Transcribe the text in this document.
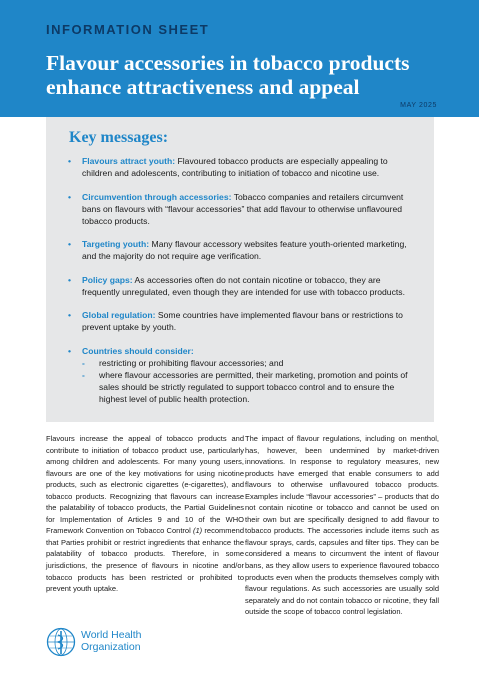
INFORMATION SHEET
Flavour accessories in tobacco products enhance attractiveness and appeal
MAY 2025
Key messages:
• Flavours attract youth: Flavoured tobacco products are especially appealing to children and adolescents, contributing to initiation of tobacco and nicotine use.
• Circumvention through accessories: Tobacco companies and retailers circumvent bans on flavours with “flavour accessories” that add flavour to otherwise unflavoured tobacco products.
• Targeting youth: Many flavour accessory websites feature youth-oriented marketing, and the majority do not require age verification.
• Policy gaps: As accessories often do not contain nicotine or tobacco, they are frequently unregulated, even though they are intended for use with tobacco products.
• Global regulation: Some countries have implemented flavour bans or restrictions to prevent uptake by youth.
• Countries should consider:
- restricting or prohibiting flavour accessories; and
- where flavour accessories are permitted, their marketing, promotion and points of sales should be strictly regulated to support tobacco control and to ensure the highest level of public health protection.
Flavours increase the appeal of tobacco products and contribute to initiation of tobacco product use, particularly among children and adolescents. For many young users, flavours are one of the key motivations for using nicotine products, such as electronic cigarettes (e-cigarettes), and tobacco products. Recognizing that flavours can increase the palatability of tobacco products, the Partial Guidelines for Implementation of Articles 9 and 10 of the WHO Framework Convention on Tobacco Control (1) recommend that Parties prohibit or restrict ingredients that enhance the palatability of tobacco products. Therefore, in some jurisdictions, the presence of flavours in nicotine and/or tobacco products has been restricted or prohibited to prevent youth uptake.
The impact of flavour regulations, including on menthol, has, however, been undermined by market-driven innovations. In response to regulatory measures, new products have emerged that enable consumers to add flavours to otherwise unflavoured tobacco products. Examples include “flavour accessories” – products that do not contain nicotine or tobacco and cannot be used on their own but are specifically designed to add flavour to tobacco products. The accessories include items such as flavour sprays, cards, capsules and filter tips. They can be considered a means to circumvent the intent of flavour bans, as they allow users to experience flavoured tobacco products even when the products themselves comply with flavour regulations. As such accessories are usually sold separately and do not contain tobacco or nicotine, they fall outside the scope of tobacco control legislation.
World Health
Organization
